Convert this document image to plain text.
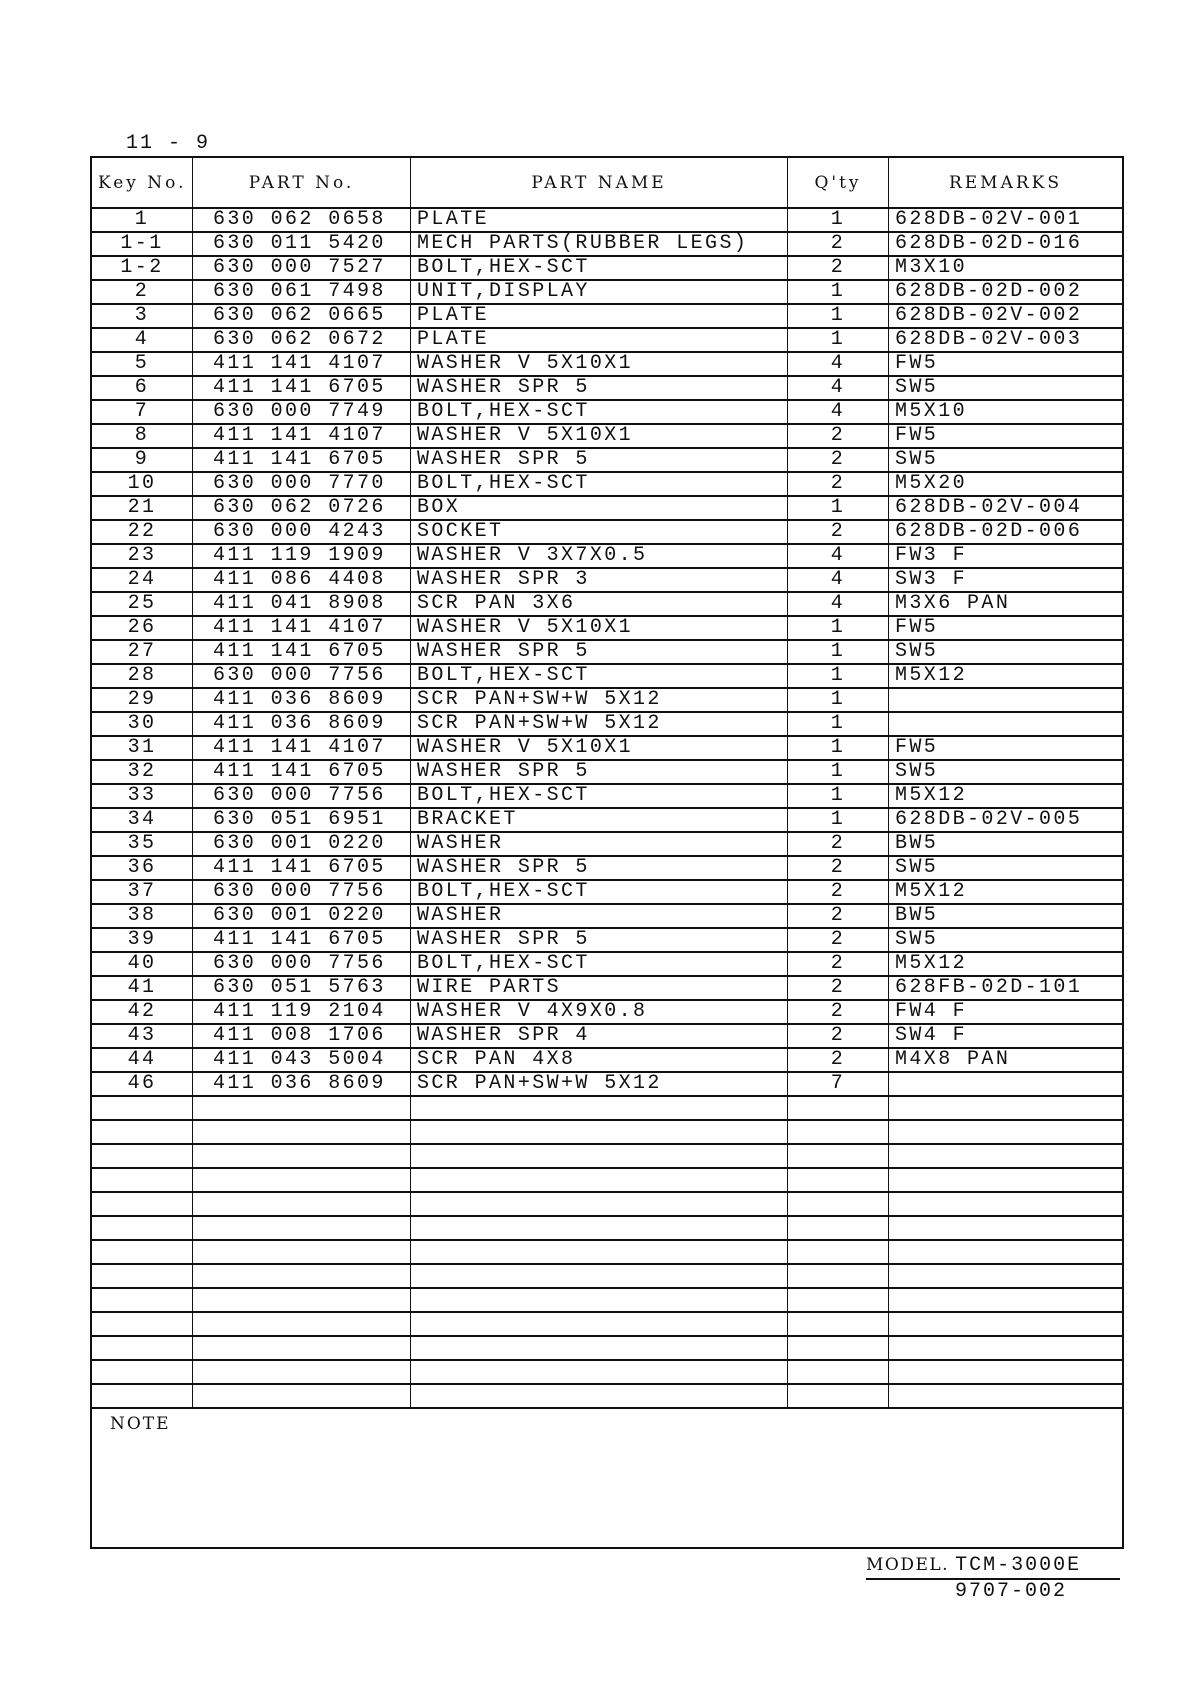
11 - 9
Key No.	PART No.	PART NAME	Q'ty	REMARKS
1	630 062 0658	PLATE	1	628DB-02V-001
1-1	630 011 5420	MECH PARTS(RUBBER LEGS)	2	628DB-02D-016
1-2	630 000 7527	BOLT,HEX-SCT	2	M3X10
2	630 061 7498	UNIT,DISPLAY	1	628DB-02D-002
3	630 062 0665	PLATE	1	628DB-02V-002
4	630 062 0672	PLATE	1	628DB-02V-003
5	411 141 4107	WASHER V 5X10X1	4	FW5
6	411 141 6705	WASHER SPR 5	4	SW5
7	630 000 7749	BOLT,HEX-SCT	4	M5X10
8	411 141 4107	WASHER V 5X10X1	2	FW5
9	411 141 6705	WASHER SPR 5	2	SW5
10	630 000 7770	BOLT,HEX-SCT	2	M5X20
21	630 062 0726	BOX	1	628DB-02V-004
22	630 000 4243	SOCKET	2	628DB-02D-006
23	411 119 1909	WASHER V 3X7X0.5	4	FW3 F
24	411 086 4408	WASHER SPR 3	4	SW3 F
25	411 041 8908	SCR PAN 3X6	4	M3X6 PAN
26	411 141 4107	WASHER V 5X10X1	1	FW5
27	411 141 6705	WASHER SPR 5	1	SW5
28	630 000 7756	BOLT,HEX-SCT	1	M5X12
29	411 036 8609	SCR PAN+SW+W 5X12	1
30	411 036 8609	SCR PAN+SW+W 5X12	1
31	411 141 4107	WASHER V 5X10X1	1	FW5
32	411 141 6705	WASHER SPR 5	1	SW5
33	630 000 7756	BOLT,HEX-SCT	1	M5X12
34	630 051 6951	BRACKET	1	628DB-02V-005
35	630 001 0220	WASHER	2	BW5
36	411 141 6705	WASHER SPR 5	2	SW5
37	630 000 7756	BOLT,HEX-SCT	2	M5X12
38	630 001 0220	WASHER	2	BW5
39	411 141 6705	WASHER SPR 5	2	SW5
40	630 000 7756	BOLT,HEX-SCT	2	M5X12
41	630 051 5763	WIRE PARTS	2	628FB-02D-101
42	411 119 2104	WASHER V 4X9X0.8	2	FW4 F
43	411 008 1706	WASHER SPR 4	2	SW4 F
44	411 043 5004	SCR PAN 4X8	2	M4X8 PAN
46	411 036 8609	SCR PAN+SW+W 5X12	7
NOTE
MODEL. TCM-3000E
9707-002
